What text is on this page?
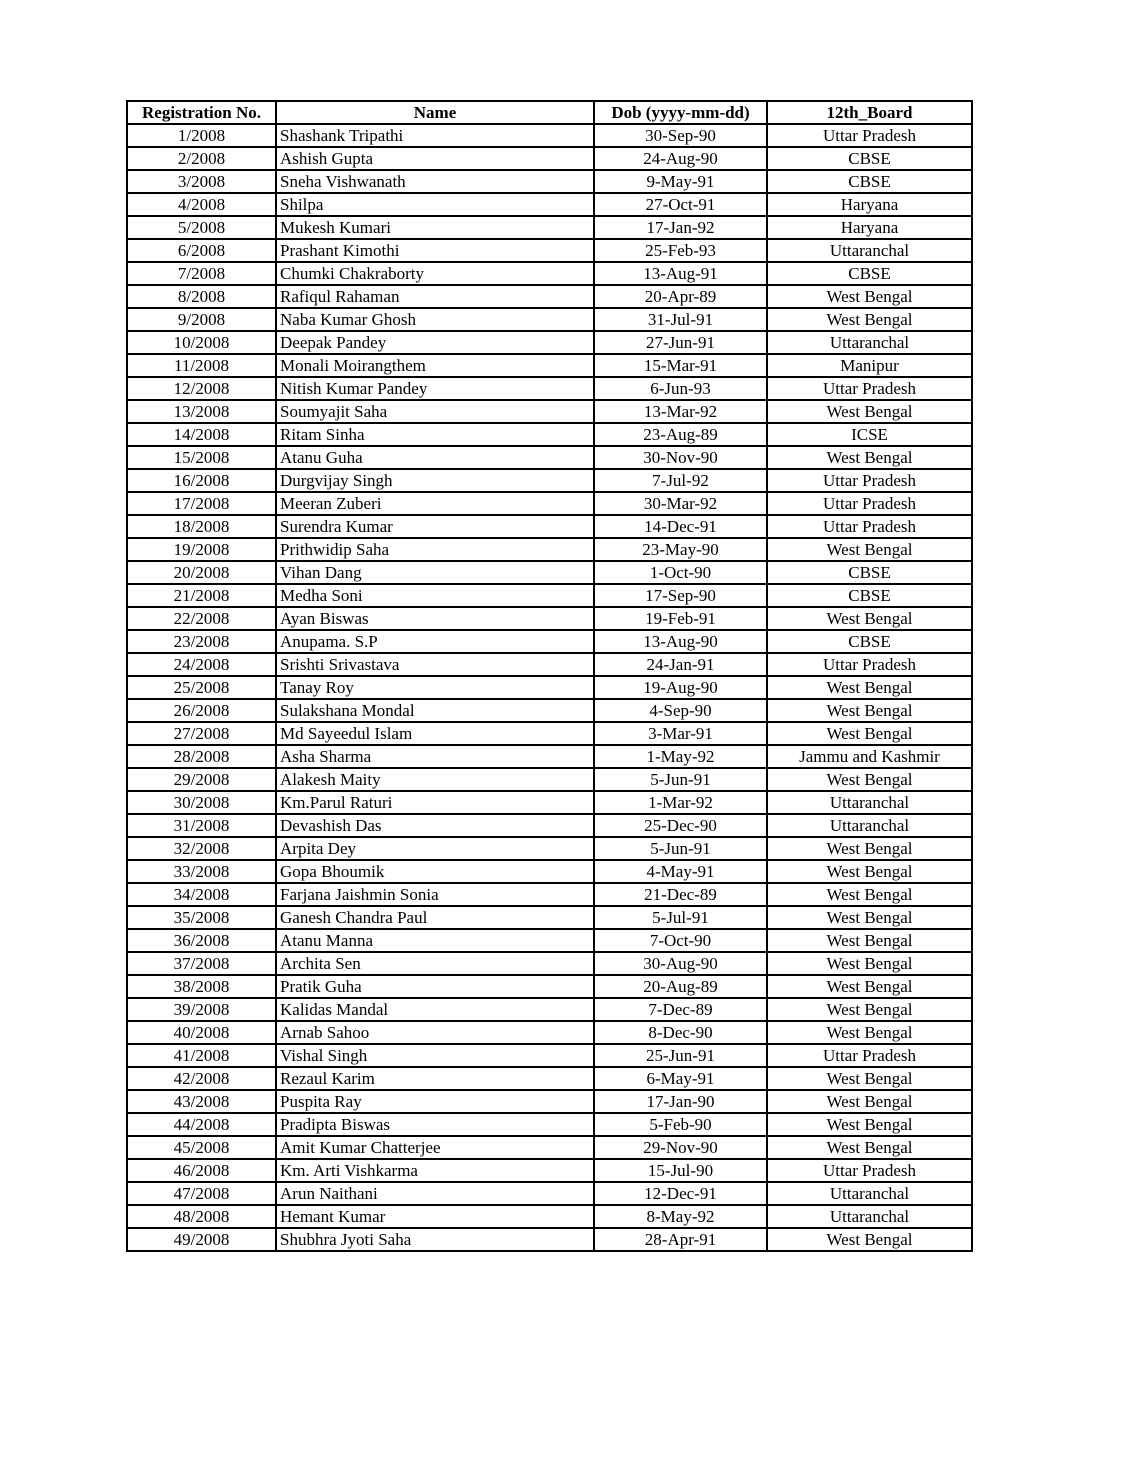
Registration No.	Name	Dob (yyyy-mm-dd)	12th_Board
1/2008	Shashank Tripathi	30-Sep-90	Uttar Pradesh
2/2008	Ashish Gupta	24-Aug-90	CBSE
3/2008	Sneha Vishwanath	9-May-91	CBSE
4/2008	Shilpa	27-Oct-91	Haryana
5/2008	Mukesh Kumari	17-Jan-92	Haryana
6/2008	Prashant Kimothi	25-Feb-93	Uttaranchal
7/2008	Chumki Chakraborty	13-Aug-91	CBSE
8/2008	Rafiqul Rahaman	20-Apr-89	West Bengal
9/2008	Naba Kumar Ghosh	31-Jul-91	West Bengal
10/2008	Deepak Pandey	27-Jun-91	Uttaranchal
11/2008	Monali Moirangthem	15-Mar-91	Manipur
12/2008	Nitish Kumar Pandey	6-Jun-93	Uttar Pradesh
13/2008	Soumyajit Saha	13-Mar-92	West Bengal
14/2008	Ritam Sinha	23-Aug-89	ICSE
15/2008	Atanu Guha	30-Nov-90	West Bengal
16/2008	Durgvijay Singh	7-Jul-92	Uttar Pradesh
17/2008	Meeran Zuberi	30-Mar-92	Uttar Pradesh
18/2008	Surendra Kumar	14-Dec-91	Uttar Pradesh
19/2008	Prithwidip Saha	23-May-90	West Bengal
20/2008	Vihan Dang	1-Oct-90	CBSE
21/2008	Medha Soni	17-Sep-90	CBSE
22/2008	Ayan Biswas	19-Feb-91	West Bengal
23/2008	Anupama. S.P	13-Aug-90	CBSE
24/2008	Srishti Srivastava	24-Jan-91	Uttar Pradesh
25/2008	Tanay Roy	19-Aug-90	West Bengal
26/2008	Sulakshana Mondal	4-Sep-90	West Bengal
27/2008	Md Sayeedul Islam	3-Mar-91	West Bengal
28/2008	Asha Sharma	1-May-92	Jammu and Kashmir
29/2008	Alakesh Maity	5-Jun-91	West Bengal
30/2008	Km.Parul Raturi	1-Mar-92	Uttaranchal
31/2008	Devashish Das	25-Dec-90	Uttaranchal
32/2008	Arpita Dey	5-Jun-91	West Bengal
33/2008	Gopa Bhoumik	4-May-91	West Bengal
34/2008	Farjana Jaishmin Sonia	21-Dec-89	West Bengal
35/2008	Ganesh Chandra Paul	5-Jul-91	West Bengal
36/2008	Atanu Manna	7-Oct-90	West Bengal
37/2008	Archita Sen	30-Aug-90	West Bengal
38/2008	Pratik Guha	20-Aug-89	West Bengal
39/2008	Kalidas Mandal	7-Dec-89	West Bengal
40/2008	Arnab Sahoo	8-Dec-90	West Bengal
41/2008	Vishal Singh	25-Jun-91	Uttar Pradesh
42/2008	Rezaul Karim	6-May-91	West Bengal
43/2008	Puspita Ray	17-Jan-90	West Bengal
44/2008	Pradipta Biswas	5-Feb-90	West Bengal
45/2008	Amit Kumar Chatterjee	29-Nov-90	West Bengal
46/2008	Km. Arti Vishkarma	15-Jul-90	Uttar Pradesh
47/2008	Arun Naithani	12-Dec-91	Uttaranchal
48/2008	Hemant Kumar	8-May-92	Uttaranchal
49/2008	Shubhra Jyoti Saha	28-Apr-91	West Bengal
